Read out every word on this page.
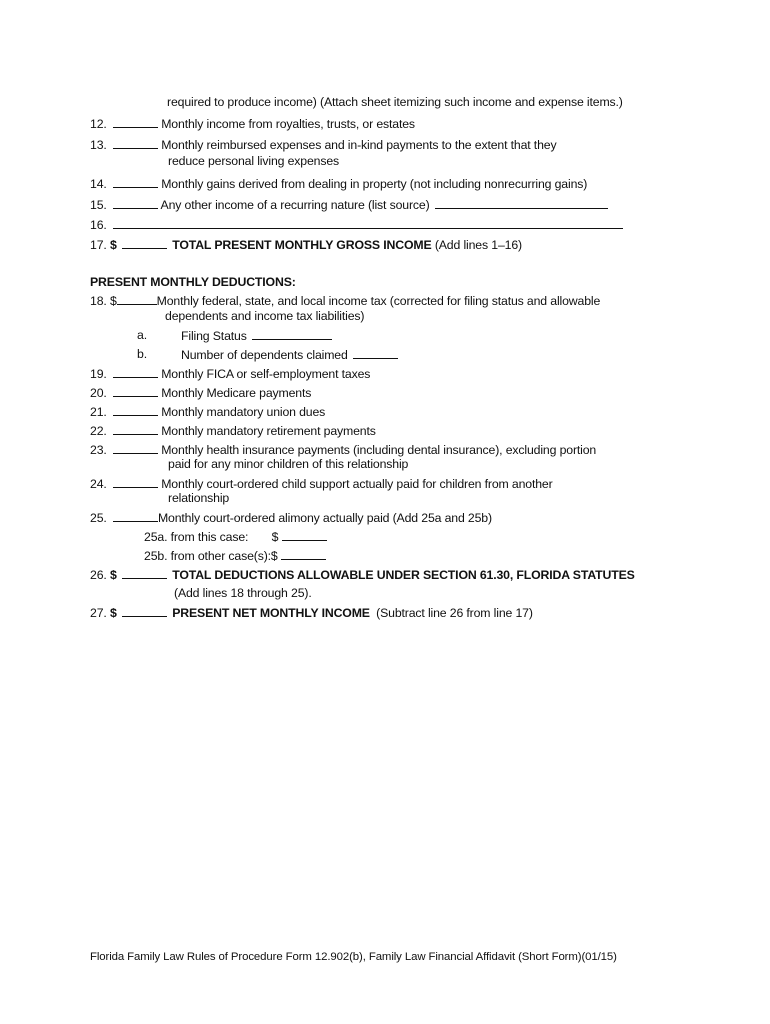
required to produce income) (Attach sheet itemizing such income and expense items.)
12.	Monthly income from royalties, trusts, or estates
13.	Monthly reimbursed expenses and in-kind payments to the extent that they
reduce personal living expenses
14.	Monthly gains derived from dealing in property (not including nonrecurring gains)
15.	Any other income of a recurring nature (list source)
16.
17. $	TOTAL PRESENT MONTHLY GROSS INCOME (Add lines 1–16)
PRESENT MONTHLY DEDUCTIONS:
18. $	Monthly federal, state, and local income tax (corrected for filing status and allowable
dependents and income tax liabilities)
a.	Filing Status
b.	Number of dependents claimed
19.	Monthly FICA or self-employment taxes
20.	Monthly Medicare payments
21.	Monthly mandatory union dues
22.	Monthly mandatory retirement payments
23.	Monthly health insurance payments (including dental insurance), excluding portion
paid for any minor children of this relationship
24.	Monthly court-ordered child support actually paid for children from another
relationship
25.	Monthly court-ordered alimony actually paid (Add 25a and 25b)
25a. from this case: $
25b. from other case(s):$
26. $	TOTAL DEDUCTIONS ALLOWABLE UNDER SECTION 61.30, FLORIDA STATUTES
(Add lines 18 through 25).
27. $	PRESENT NET MONTHLY INCOME (Subtract line 26 from line 17)
Florida Family Law Rules of Procedure Form 12.902(b), Family Law Financial Affidavit (Short Form)(01/15)
